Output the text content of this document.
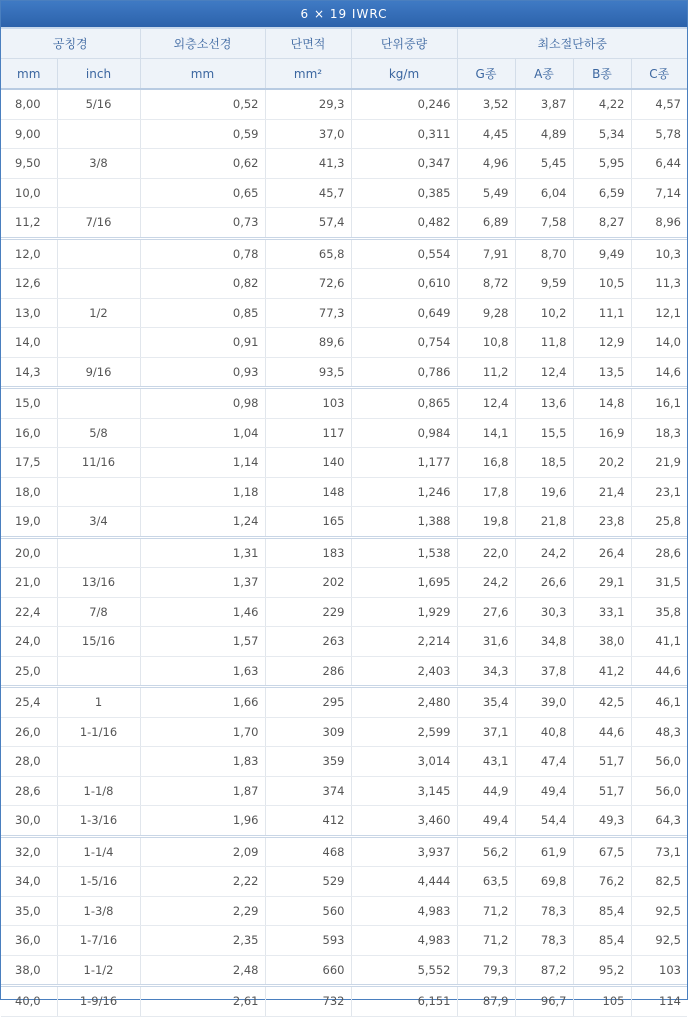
6 × 19 IWRC
공칭경		외층소선경	단면적	단위중량	최소절단하중			
mm	inch	mm	mm²	kg/m	G종	A종	B종	C종
8,00	5/16	0,52	29,3	0,246	3,52	3,87	4,22	4,57
9,00		0,59	37,0	0,311	4,45	4,89	5,34	5,78
9,50	3/8	0,62	41,3	0,347	4,96	5,45	5,95	6,44
10,0		0,65	45,7	0,385	5,49	6,04	6,59	7,14
11,2	7/16	0,73	57,4	0,482	6,89	7,58	8,27	8,96
12,0		0,78	65,8	0,554	7,91	8,70	9,49	10,3
12,6		0,82	72,6	0,610	8,72	9,59	10,5	11,3
13,0	1/2	0,85	77,3	0,649	9,28	10,2	11,1	12,1
14,0		0,91	89,6	0,754	10,8	11,8	12,9	14,0
14,3	9/16	0,93	93,5	0,786	11,2	12,4	13,5	14,6
15,0		0,98	103	0,865	12,4	13,6	14,8	16,1
16,0	5/8	1,04	117	0,984	14,1	15,5	16,9	18,3
17,5	11/16	1,14	140	1,177	16,8	18,5	20,2	21,9
18,0		1,18	148	1,246	17,8	19,6	21,4	23,1
19,0	3/4	1,24	165	1,388	19,8	21,8	23,8	25,8
20,0		1,31	183	1,538	22,0	24,2	26,4	28,6
21,0	13/16	1,37	202	1,695	24,2	26,6	29,1	31,5
22,4	7/8	1,46	229	1,929	27,6	30,3	33,1	35,8
24,0	15/16	1,57	263	2,214	31,6	34,8	38,0	41,1
25,0		1,63	286	2,403	34,3	37,8	41,2	44,6
25,4	1	1,66	295	2,480	35,4	39,0	42,5	46,1
26,0	1-1/16	1,70	309	2,599	37,1	40,8	44,6	48,3
28,0		1,83	359	3,014	43,1	47,4	51,7	56,0
28,6	1-1/8	1,87	374	3,145	44,9	49,4	51,7	56,0
30,0	1-3/16	1,96	412	3,460	49,4	54,4	49,3	64,3
32,0	1-1/4	2,09	468	3,937	56,2	61,9	67,5	73,1
34,0	1-5/16	2,22	529	4,444	63,5	69,8	76,2	82,5
35,0	1-3/8	2,29	560	4,983	71,2	78,3	85,4	92,5
36,0	1-7/16	2,35	593	4,983	71,2	78,3	85,4	92,5
38,0	1-1/2	2,48	660	5,552	79,3	87,2	95,2	103
40,0	1-9/16	2,61	732	6,151	87,9	96,7	105	114
